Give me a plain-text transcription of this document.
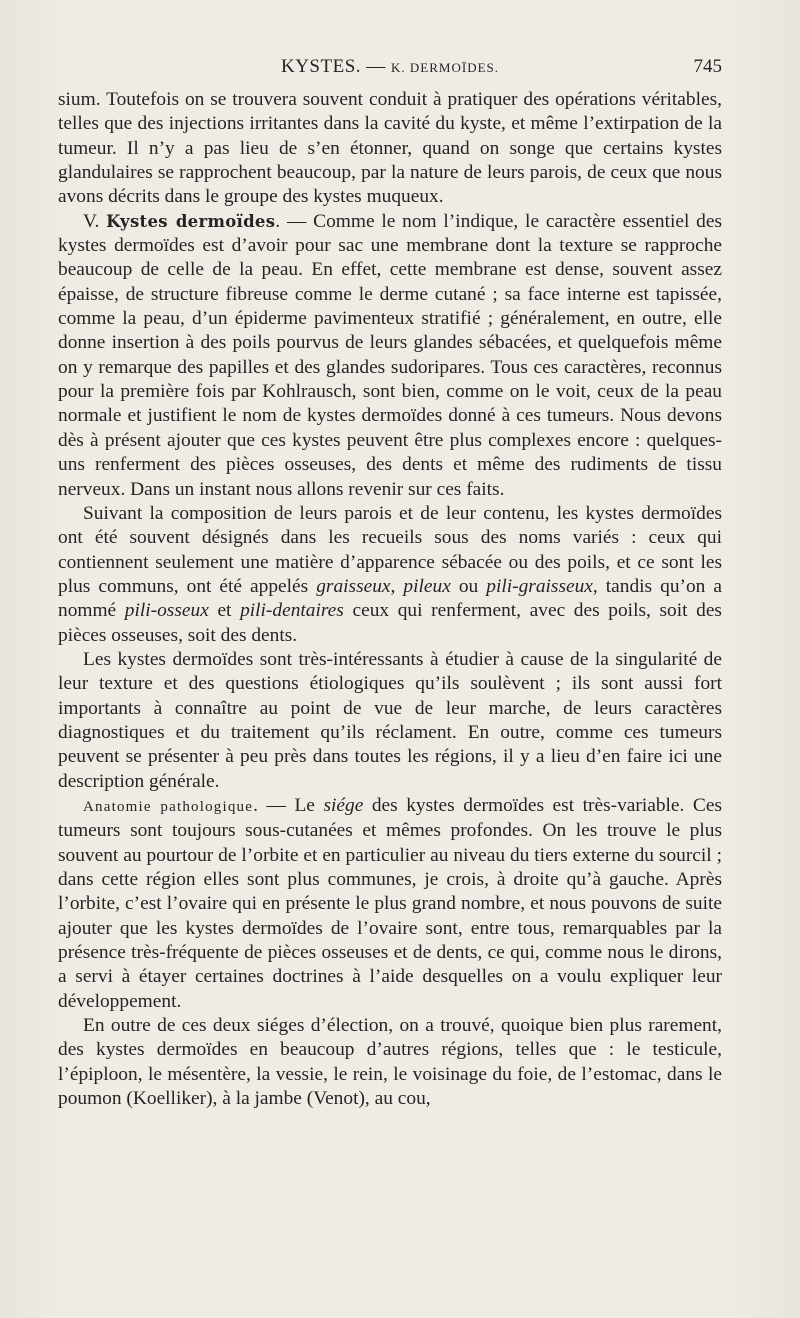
KYSTES. — K. DERMOÏDES.	745

sium. Toutefois on se trouvera souvent conduit à pratiquer des opérations véritables, telles que des injections irritantes dans la cavité du kyste, et même l’extirpation de la tumeur. Il n’y a pas lieu de s’en étonner, quand on songe que certains kystes glandulaires se rapprochent beaucoup, par la nature de leurs parois, de ceux que nous avons décrits dans le groupe des kystes muqueux.

V. Kystes dermoïdes. — Comme le nom l’indique, le caractère essentiel des kystes dermoïdes est d’avoir pour sac une membrane dont la texture se rapproche beaucoup de celle de la peau. En effet, cette membrane est dense, souvent assez épaisse, de structure fibreuse comme le derme cutané ; sa face interne est tapissée, comme la peau, d’un épiderme pavimenteux stratifié ; généralement, en outre, elle donne insertion à des poils pourvus de leurs glandes sébacées, et quelquefois même on y remarque des papilles et des glandes sudoripares. Tous ces caractères, reconnus pour la première fois par Kohlrausch, sont bien, comme on le voit, ceux de la peau normale et justifient le nom de kystes dermoïdes donné à ces tumeurs. Nous devons dès à présent ajouter que ces kystes peuvent être plus complexes encore : quelques-uns renferment des pièces osseuses, des dents et même des rudiments de tissu nerveux. Dans un instant nous allons revenir sur ces faits.

Suivant la composition de leurs parois et de leur contenu, les kystes dermoïdes ont été souvent désignés dans les recueils sous des noms variés : ceux qui contiennent seulement une matière d’apparence sébacée ou des poils, et ce sont les plus communs, ont été appelés graisseux, pileux ou pili-graisseux, tandis qu’on a nommé pili-osseux et pili-dentaires ceux qui renferment, avec des poils, soit des pièces osseuses, soit des dents.

Les kystes dermoïdes sont très-intéressants à étudier à cause de la singularité de leur texture et des questions étiologiques qu’ils soulèvent ; ils sont aussi fort importants à connaître au point de vue de leur marche, de leurs caractères diagnostiques et du traitement qu’ils réclament. En outre, comme ces tumeurs peuvent se présenter à peu près dans toutes les régions, il y a lieu d’en faire ici une description générale.

Anatomie pathologique. — Le siége des kystes dermoïdes est très-variable. Ces tumeurs sont toujours sous-cutanées et mêmes profondes. On les trouve le plus souvent au pourtour de l’orbite et en particulier au niveau du tiers externe du sourcil ; dans cette région elles sont plus communes, je crois, à droite qu’à gauche. Après l’orbite, c’est l’ovaire qui en présente le plus grand nombre, et nous pouvons de suite ajouter que les kystes dermoïdes de l’ovaire sont, entre tous, remarquables par la présence très-fréquente de pièces osseuses et de dents, ce qui, comme nous le dirons, a servi à étayer certaines doctrines à l’aide desquelles on a voulu expliquer leur développement.

En outre de ces deux siéges d’élection, on a trouvé, quoique bien plus rarement, des kystes dermoïdes en beaucoup d’autres régions, telles que : le testicule, l’épiploon, le mésentère, la vessie, le rein, le voisinage du foie, de l’estomac, dans le poumon (Koelliker), à la jambe (Venot), au cou,
